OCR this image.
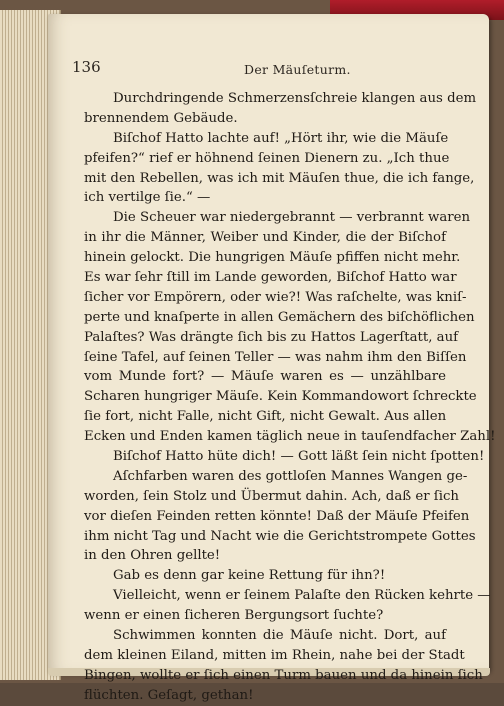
136	Der Mäuſeturm.
Durchdringende Schmerzensſchreie klangen aus dem
brennendem Gebäude.
Biſchof Hatto lachte auf! „Hört ihr, wie die Mäuſe
pfeifen?“ rief er höhnend ſeinen Dienern zu. „Ich thue
mit den Rebellen, was ich mit Mäuſen thue, die ich fange,
ich vertilge ſie.“ —
Die Scheuer war niedergebrannt — verbrannt waren
in ihr die Männer, Weiber und Kinder, die der Biſchof
hinein gelockt. Die hungrigen Mäuſe pfiffen nicht mehr.
Es war ſehr ſtill im Lande geworden, Biſchof Hatto war
ſicher vor Empörern, oder wie?! Was raſchelte, was kniſ-
perte und knaſperte in allen Gemächern des biſchöflichen
Palaſtes? Was drängte ſich bis zu Hattos Lagerſtatt, auf
ſeine Tafel, auf ſeinen Teller — was nahm ihm den Biſſen
vom Munde fort? — Mäuſe waren es — unzählbare
Scharen hungriger Mäuſe. Kein Kommandowort ſchreckte
ſie fort, nicht Falle, nicht Gift, nicht Gewalt. Aus allen
Ecken und Enden kamen täglich neue in tauſendfacher Zahl!
Biſchof Hatto hüte dich! — Gott läßt ſein nicht ſpotten!
Aſchfarben waren des gottloſen Mannes Wangen ge-
worden, ſein Stolz und Übermut dahin. Ach, daß er ſich
vor dieſen Feinden retten könnte! Daß der Mäuſe Pfeifen
ihm nicht Tag und Nacht wie die Gerichtstrompete Gottes
in den Ohren gellte!
Gab es denn gar keine Rettung für ihn?!
Vielleicht, wenn er ſeinem Palaſte den Rücken kehrte —
wenn er einen ſicheren Bergungsort ſuchte?
Schwimmen konnten die Mäuſe nicht. Dort, auf
dem kleinen Eiland, mitten im Rhein, nahe bei der Stadt
Bingen, wollte er ſich einen Turm bauen und da hinein ſich
flüchten. Geſagt, gethan!
